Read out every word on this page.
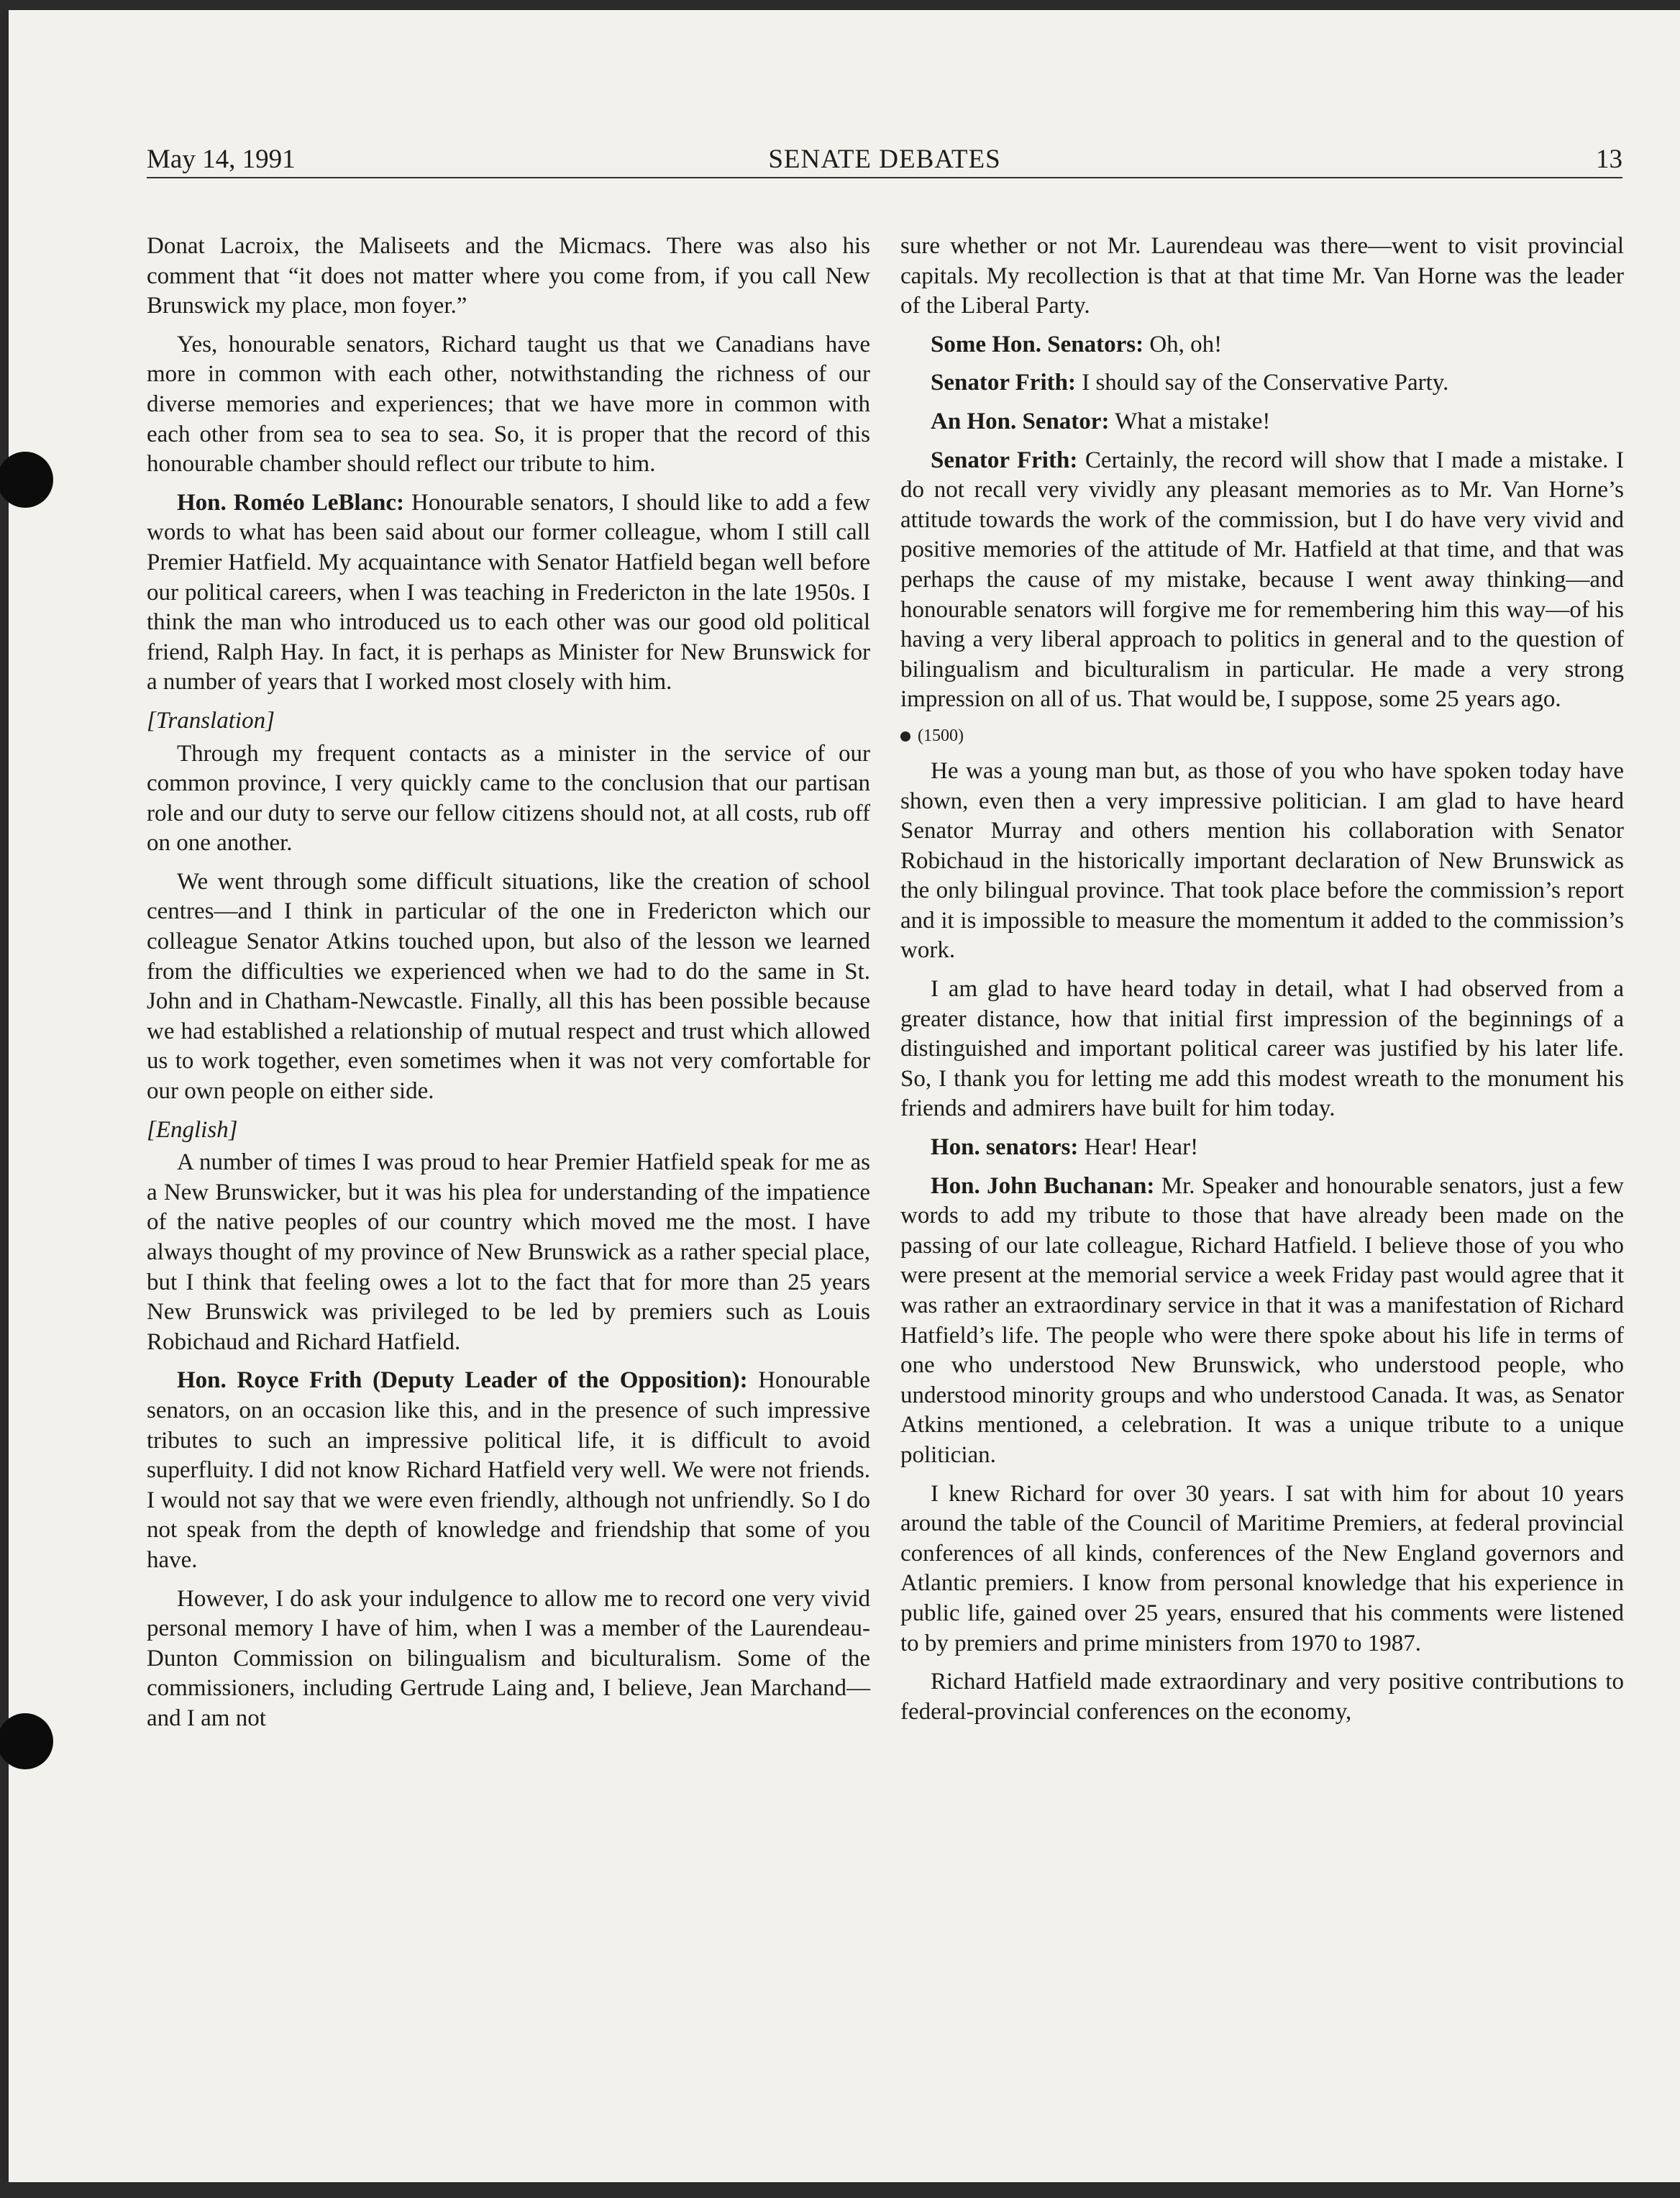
May 14, 1991	SENATE DEBATES	13

Donat Lacroix, the Maliseets and the Micmacs. There was also his comment that “it does not matter where you come from, if you call New Brunswick my place, mon foyer.”

Yes, honourable senators, Richard taught us that we Canadians have more in common with each other, notwithstanding the richness of our diverse memories and experiences; that we have more in common with each other from sea to sea to sea. So, it is proper that the record of this honourable chamber should reflect our tribute to him.

Hon. Roméo LeBlanc: Honourable senators, I should like to add a few words to what has been said about our former colleague, whom I still call Premier Hatfield. My acquaintance with Senator Hatfield began well before our political careers, when I was teaching in Fredericton in the late 1950s. I think the man who introduced us to each other was our good old political friend, Ralph Hay. In fact, it is perhaps as Minister for New Brunswick for a number of years that I worked most closely with him.

[Translation]

Through my frequent contacts as a minister in the service of our common province, I very quickly came to the conclusion that our partisan role and our duty to serve our fellow citizens should not, at all costs, rub off on one another.

We went through some difficult situations, like the creation of school centres—and I think in particular of the one in Fredericton which our colleague Senator Atkins touched upon, but also of the lesson we learned from the difficulties we experienced when we had to do the same in St. John and in Chatham-Newcastle. Finally, all this has been possible because we had established a relationship of mutual respect and trust which allowed us to work together, even sometimes when it was not very comfortable for our own people on either side.

[English]

A number of times I was proud to hear Premier Hatfield speak for me as a New Brunswicker, but it was his plea for understanding of the impatience of the native peoples of our country which moved me the most. I have always thought of my province of New Brunswick as a rather special place, but I think that feeling owes a lot to the fact that for more than 25 years New Brunswick was privileged to be led by premiers such as Louis Robichaud and Richard Hatfield.

Hon. Royce Frith (Deputy Leader of the Opposition): Honourable senators, on an occasion like this, and in the presence of such impressive tributes to such an impressive political life, it is difficult to avoid superfluity. I did not know Richard Hatfield very well. We were not friends. I would not say that we were even friendly, although not unfriendly. So I do not speak from the depth of knowledge and friendship that some of you have.

However, I do ask your indulgence to allow me to record one very vivid personal memory I have of him, when I was a member of the Laurendeau-Dunton Commission on bilingualism and biculturalism. Some of the commissioners, including Gertrude Laing and, I believe, Jean Marchand—and I am not

sure whether or not Mr. Laurendeau was there—went to visit provincial capitals. My recollection is that at that time Mr. Van Horne was the leader of the Liberal Party.

Some Hon. Senators: Oh, oh!

Senator Frith: I should say of the Conservative Party.

An Hon. Senator: What a mistake!

Senator Frith: Certainly, the record will show that I made a mistake. I do not recall very vividly any pleasant memories as to Mr. Van Horne’s attitude towards the work of the commission, but I do have very vivid and positive memories of the attitude of Mr. Hatfield at that time, and that was perhaps the cause of my mistake, because I went away thinking—and honourable senators will forgive me for remembering him this way—of his having a very liberal approach to politics in general and to the question of bilingualism and biculturalism in particular. He made a very strong impression on all of us. That would be, I suppose, some 25 years ago.

(1500)

He was a young man but, as those of you who have spoken today have shown, even then a very impressive politician. I am glad to have heard Senator Murray and others mention his collaboration with Senator Robichaud in the historically important declaration of New Brunswick as the only bilingual province. That took place before the commission’s report and it is impossible to measure the momentum it added to the commission’s work.

I am glad to have heard today in detail, what I had observed from a greater distance, how that initial first impression of the beginnings of a distinguished and important political career was justified by his later life. So, I thank you for letting me add this modest wreath to the monument his friends and admirers have built for him today.

Hon. senators: Hear! Hear!

Hon. John Buchanan: Mr. Speaker and honourable senators, just a few words to add my tribute to those that have already been made on the passing of our late colleague, Richard Hatfield. I believe those of you who were present at the memorial service a week Friday past would agree that it was rather an extraordinary service in that it was a manifestation of Richard Hatfield’s life. The people who were there spoke about his life in terms of one who understood New Brunswick, who understood people, who understood minority groups and who understood Canada. It was, as Senator Atkins mentioned, a celebration. It was a unique tribute to a unique politician.

I knew Richard for over 30 years. I sat with him for about 10 years around the table of the Council of Maritime Premiers, at federal provincial conferences of all kinds, conferences of the New England governors and Atlantic premiers. I know from personal knowledge that his experience in public life, gained over 25 years, ensured that his comments were listened to by premiers and prime ministers from 1970 to 1987.

Richard Hatfield made extraordinary and very positive contributions to federal-provincial conferences on the economy,
